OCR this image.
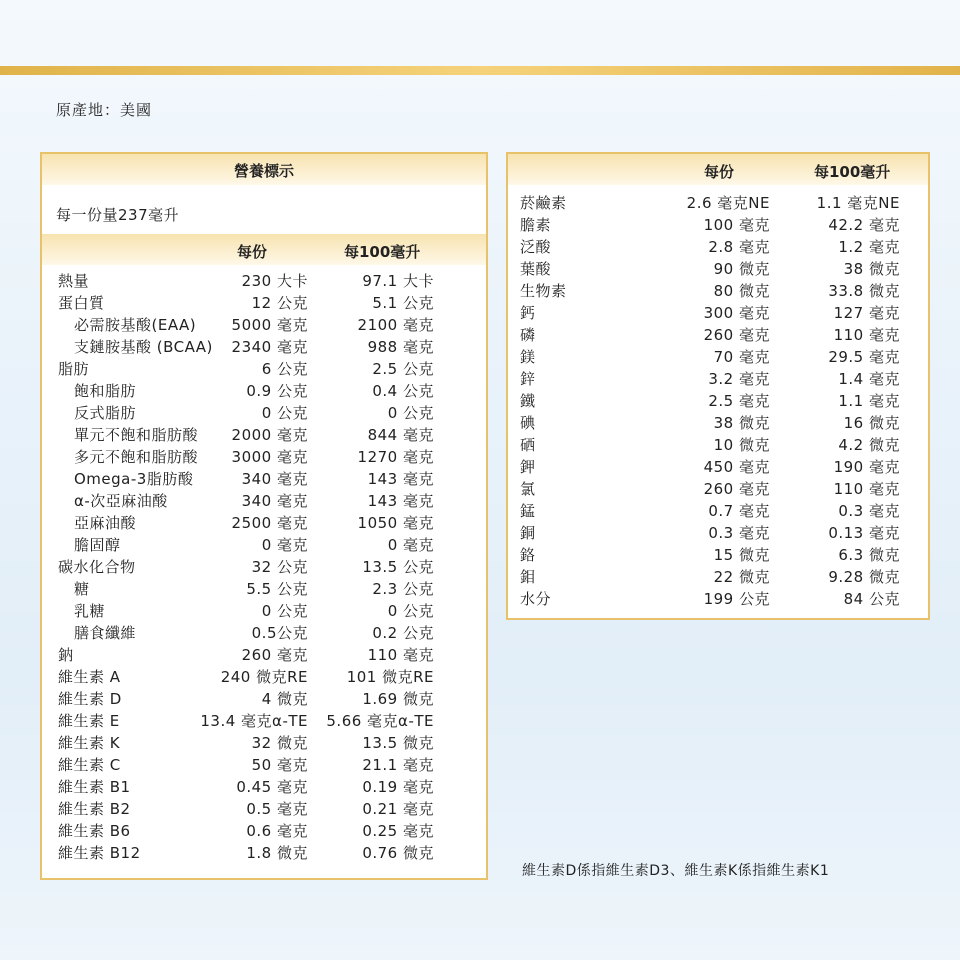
原產地：美國
營養標示
每一份量237毫升
每份	每100毫升
熱量	230 大卡	97.1 大卡
蛋白質	12 公克	5.1 公克
必需胺基酸(EAA) 5000 毫克	2100 毫克
支鏈胺基酸 (BCAA) 2340 毫克	988 毫克
脂肪	6 公克	2.5 公克
飽和脂肪	0.9 公克	0.4 公克
反式脂肪	0 公克	0 公克
單元不飽和脂肪酸 2000 毫克	844 毫克
多元不飽和脂肪酸 3000 毫克	1270 毫克
Omega-3脂肪酸	340 毫克	143 毫克
α-次亞麻油酸	340 毫克	143 毫克
亞麻油酸	2500 毫克	1050 毫克
膽固醇	0 毫克	0 毫克
碳水化合物	32 公克	13.5 公克
糖	5.5 公克	2.3 公克
乳糖	0 公克	0 公克
膳食纖維	0.5公克	0.2 公克
鈉	260 毫克	110 毫克
維生素 A	240 微克RE	101 微克RE
維生素 D	4 微克	1.69 微克
維生素 E	13.4 毫克α-TE 5.66 毫克α-TE
維生素 K	32 微克	13.5 微克
維生素 C	50 毫克	21.1 毫克
維生素 B1	0.45 毫克	0.19 毫克
維生素 B2	0.5 毫克	0.21 毫克
維生素 B6	0.6 毫克	0.25 毫克
維生素 B12	1.8 微克	0.76 微克
每份	每100毫升
菸鹼素	2.6 毫克NE	1.1 毫克NE
膽素	100 毫克	42.2 毫克
泛酸	2.8 毫克	1.2 毫克
葉酸	90 微克	38 微克
生物素	80 微克	33.8 微克
鈣	300 毫克	127 毫克
磷	260 毫克	110 毫克
鎂	70 毫克	29.5 毫克
鋅	3.2 毫克	1.4 毫克
鐵	2.5 毫克	1.1 毫克
碘	38 微克	16 微克
硒	10 微克	4.2 微克
鉀	450 毫克	190 毫克
氯	260 毫克	110 毫克
錳	0.7 毫克	0.3 毫克
銅	0.3 毫克	0.13 毫克
鉻	15 微克	6.3 微克
鉬	22 微克	9.28 微克
水分	199 公克	84 公克
維生素D係指維生素D3、維生素K係指維生素K1
